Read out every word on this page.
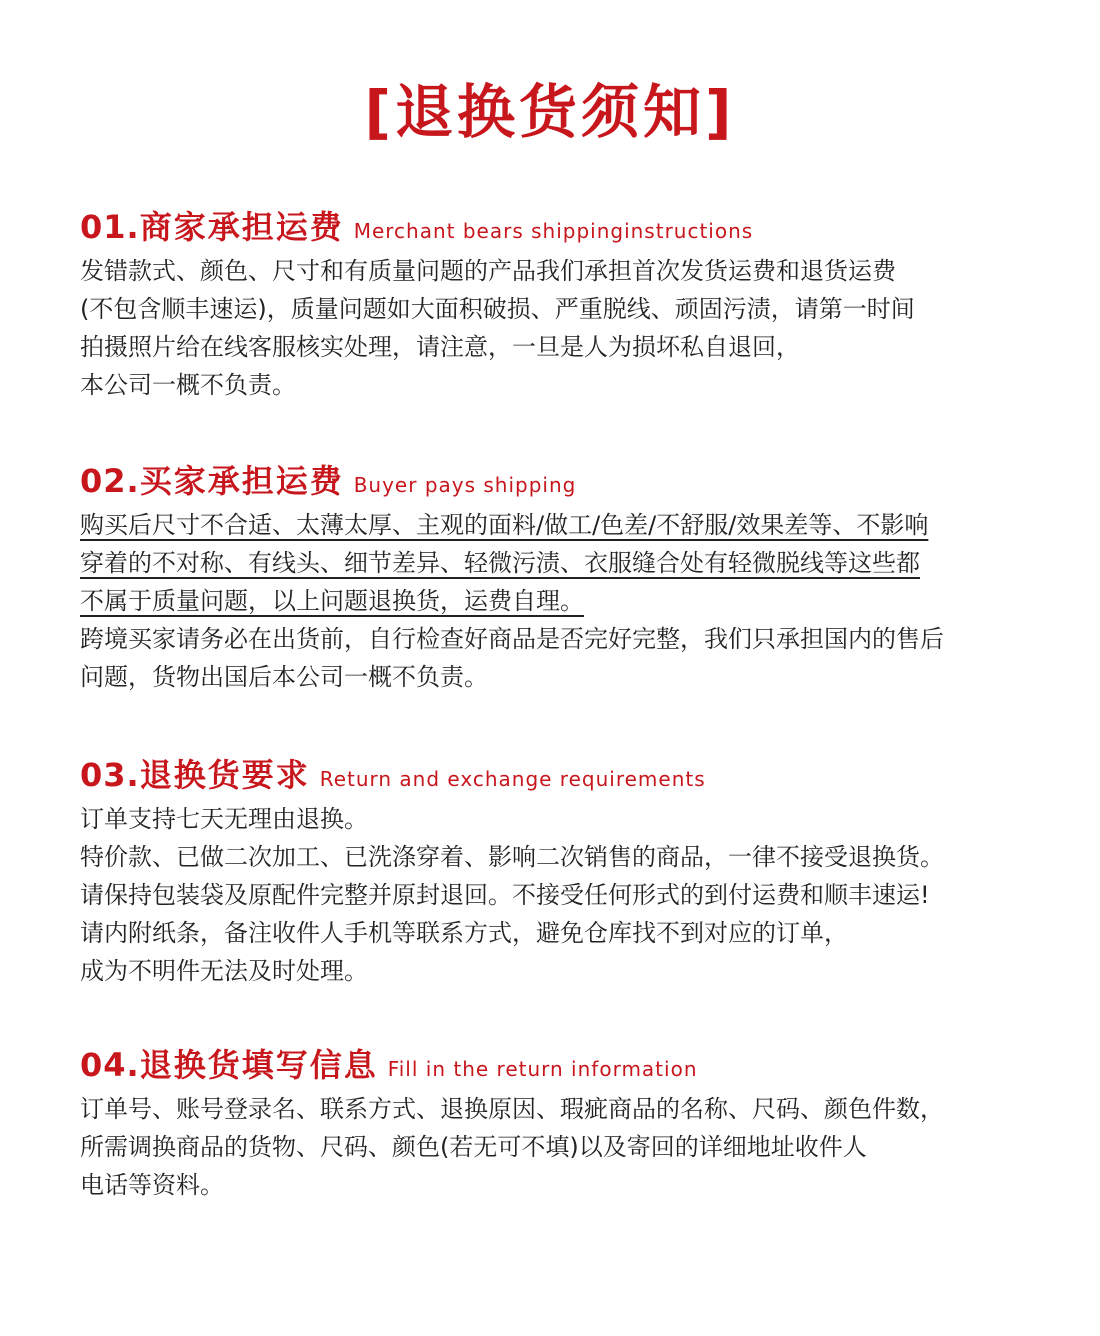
[退换货须知]
01.商家承担运费 Merchant bears shippinginstructions
发错款式、颜色、尺寸和有质量问题的产品我们承担首次发货运费和退货运费
(不包含顺丰速运)，质量问题如大面积破损、严重脱线、顽固污渍，请第一时间
拍摄照片给在线客服核实处理，请注意，一旦是人为损坏私自退回，
本公司一概不负责。
02.买家承担运费 Buyer pays shipping
购买后尺寸不合适、太薄太厚、主观的面料/做工/色差/不舒服/效果差等、不影响
穿着的不对称、有线头、细节差异、轻微污渍、衣服缝合处有轻微脱线等这些都
不属于质量问题，以上问题退换货，运费自理。
跨境买家请务必在出货前，自行检查好商品是否完好完整，我们只承担国内的售后
问题，货物出国后本公司一概不负责。
03.退换货要求 Return and exchange requirements
订单支持七天无理由退换。
特价款、已做二次加工、已洗涤穿着、影响二次销售的商品，一律不接受退换货。
请保持包装袋及原配件完整并原封退回。不接受任何形式的到付运费和顺丰速运!
请内附纸条，备注收件人手机等联系方式，避免仓库找不到对应的订单，
成为不明件无法及时处理。
04.退换货填写信息 Fill in the return information
订单号、账号登录名、联系方式、退换原因、瑕疵商品的名称、尺码、颜色件数，
所需调换商品的货物、尺码、颜色(若无可不填)以及寄回的详细地址收件人
电话等资料。
